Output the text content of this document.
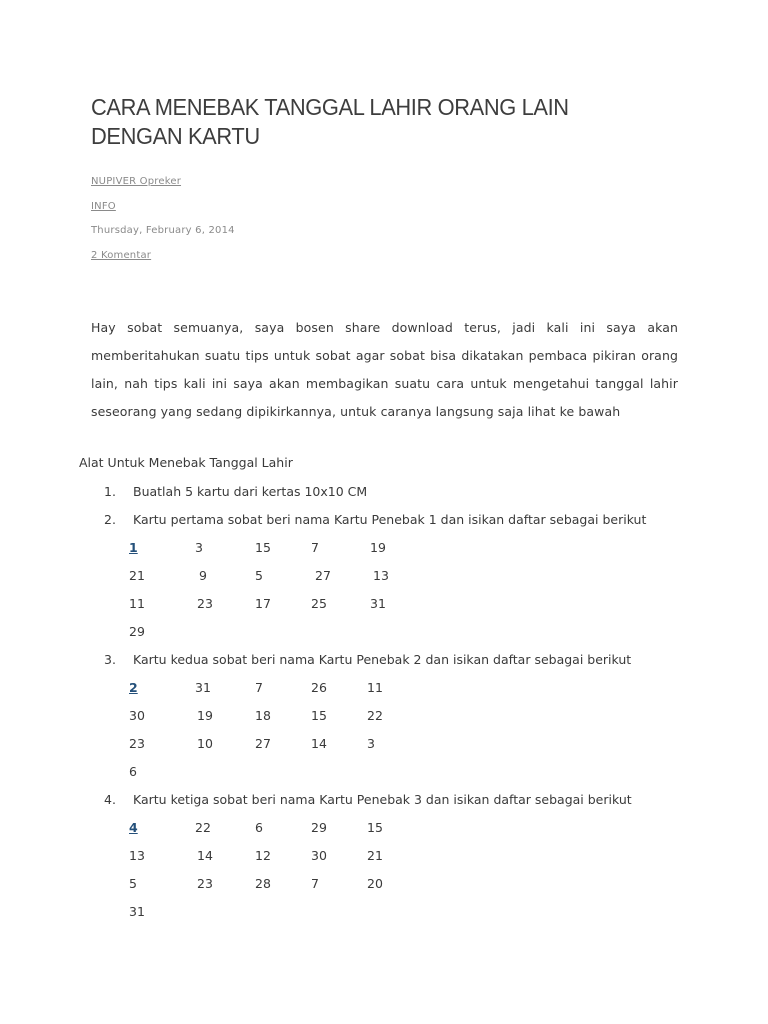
CARA MENEBAK TANGGAL LAHIR ORANG LAIN DENGAN KARTU
NUPIVER Opreker
INFO
Thursday, February 6, 2014
2 Komentar

Hay sobat semuanya, saya bosen share download terus, jadi kali ini saya akan memberitahukan suatu tips untuk sobat agar sobat bisa dikatakan pembaca pikiran orang lain, nah tips kali ini saya akan membagikan suatu cara untuk mengetahui tanggal lahir seseorang yang sedang dipikirkannya, untuk caranya langsung saja lihat ke bawah

Alat Untuk Menebak Tanggal Lahir
1. Buatlah 5 kartu dari kertas 10x10 CM
2. Kartu pertama sobat beri nama Kartu Penebak 1 dan isikan daftar sebagai berikut
3. Kartu kedua sobat beri nama Kartu Penebak 2 dan isikan daftar sebagai berikut
4. Kartu ketiga sobat beri nama Kartu Penebak 3 dan isikan daftar sebagai berikut
1	3	15	7	19
21	9	5	27	13
11	23	17	25	31
29
2	31	7	26	11
30	19	18	15	22
23	10	27	14	3
6
4	22	6	29	15
13	14	12	30	21
5	23	28	7	20
31
